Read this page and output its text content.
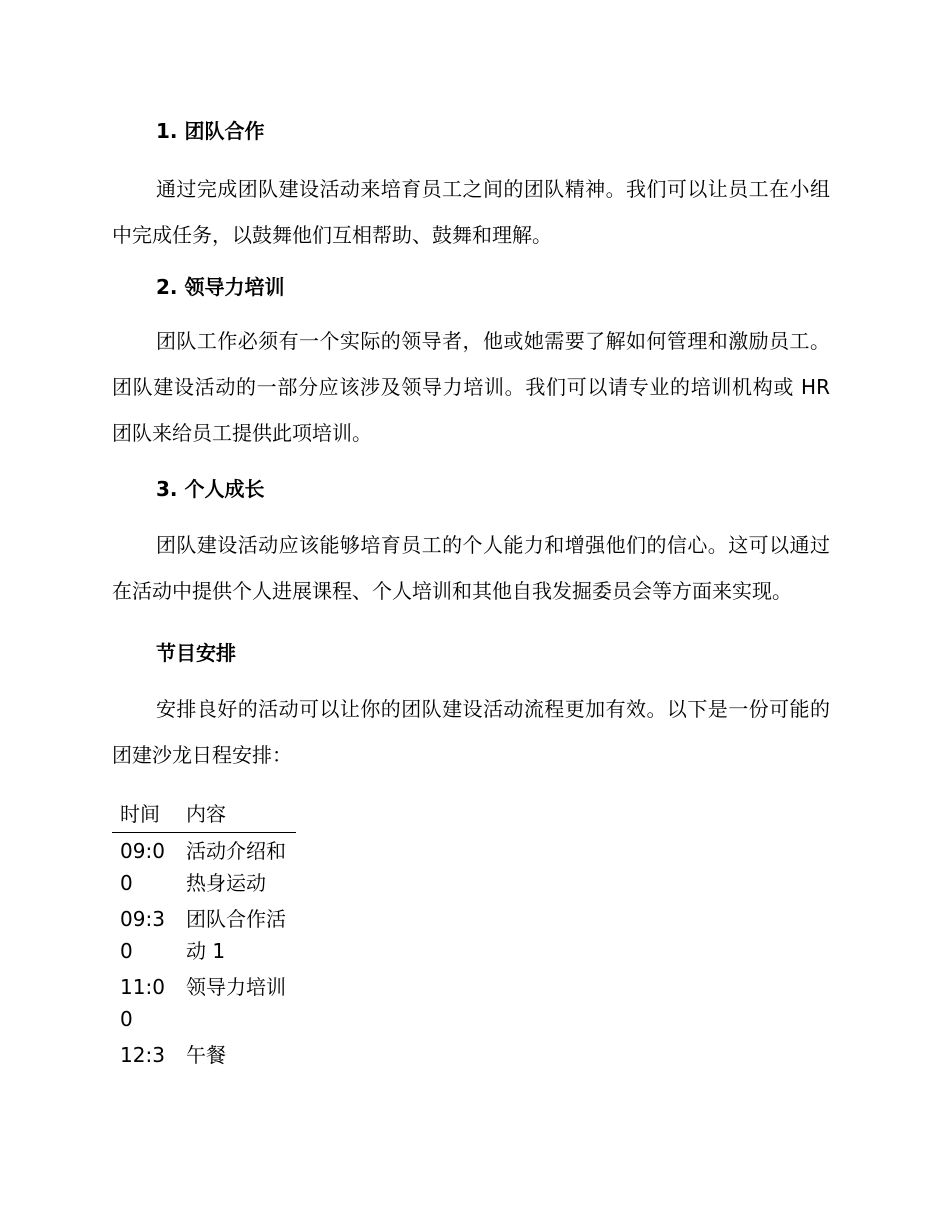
1. 团队合作

通过完成团队建设活动来培育员工之间的团队精神。我们可以让员工在小组中完成任务，以鼓舞他们互相帮助、鼓舞和理解。

2. 领导力培训

团队工作必须有一个实际的领导者，他或她需要了解如何管理和激励员工。团队建设活动的一部分应该涉及领导力培训。我们可以请专业的培训机构或 HR 团队来给员工提供此项培训。

3. 个人成长

团队建设活动应该能够培育员工的个人能力和增强他们的信心。这可以通过在活动中提供个人进展课程、个人培训和其他自我发掘委员会等方面来实现。

节目安排

安排良好的活动可以让你的团队建设活动流程更加有效。以下是一份可能的团建沙龙日程安排：

时间	内容
09:00	活动介绍和热身运动
09:30	团队合作活动 1
11:00	领导力培训
12:3	午餐
